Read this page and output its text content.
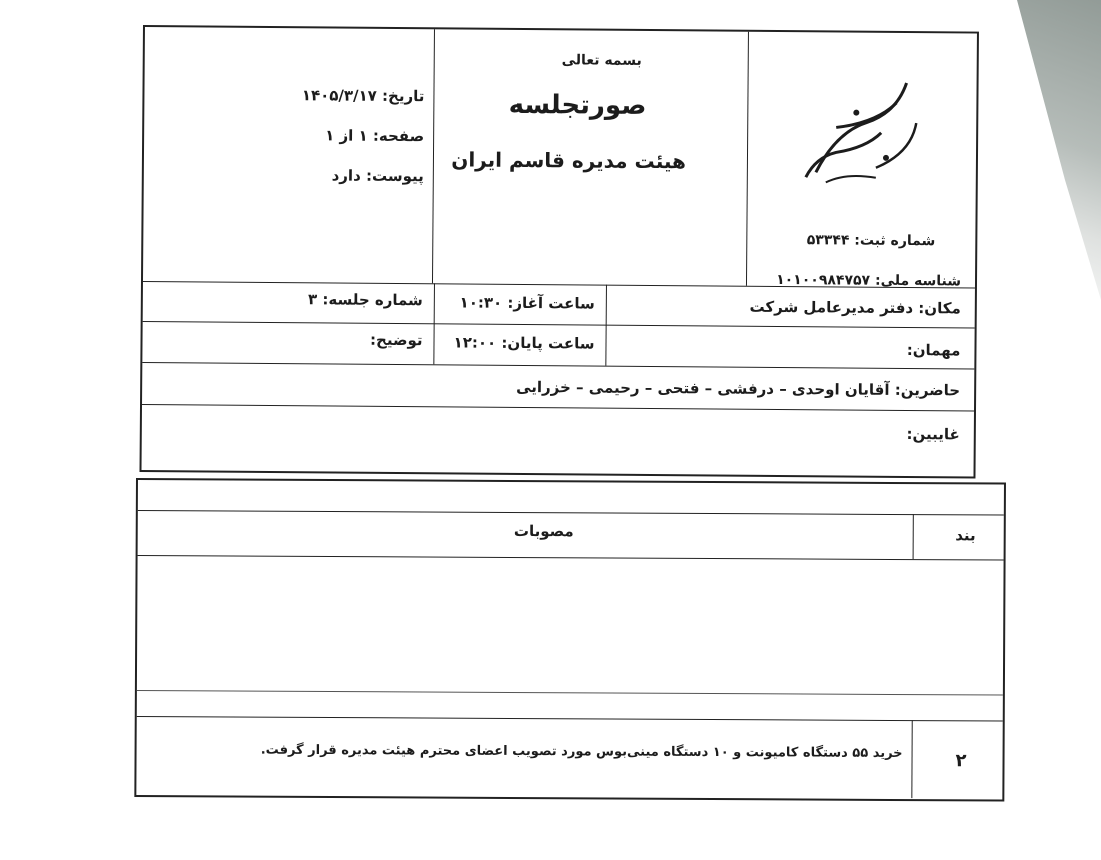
شماره ثبت: ۵۳۳۴۴
شناسه ملی: ۱۰۱۰۰۹۸۴۷۵۷
بسمه تعالی
صورتجلسه
هیئت مدیره قاسم ایران
تاریخ: ۱۴۰۵/۳/۱۷
صفحه: ۱ از ۱
پیوست: دارد
مکان: دفتر مدیرعامل شرکت
ساعت آغاز: ۱۰:۳۰
شماره جلسه: ۳
مهمان:
ساعت پایان: ۱۲:۰۰
توضیح:
حاضرین: آقایان اوحدی – درفشی – فتحی – رحیمی – خزرایی
غایبین:
بند
مصوبات
۲
خرید ۵۵ دستگاه کامیونت و ۱۰ دستگاه مینی‌بوس مورد تصویب اعضای محترم هیئت مدیره قرار گرفت.
